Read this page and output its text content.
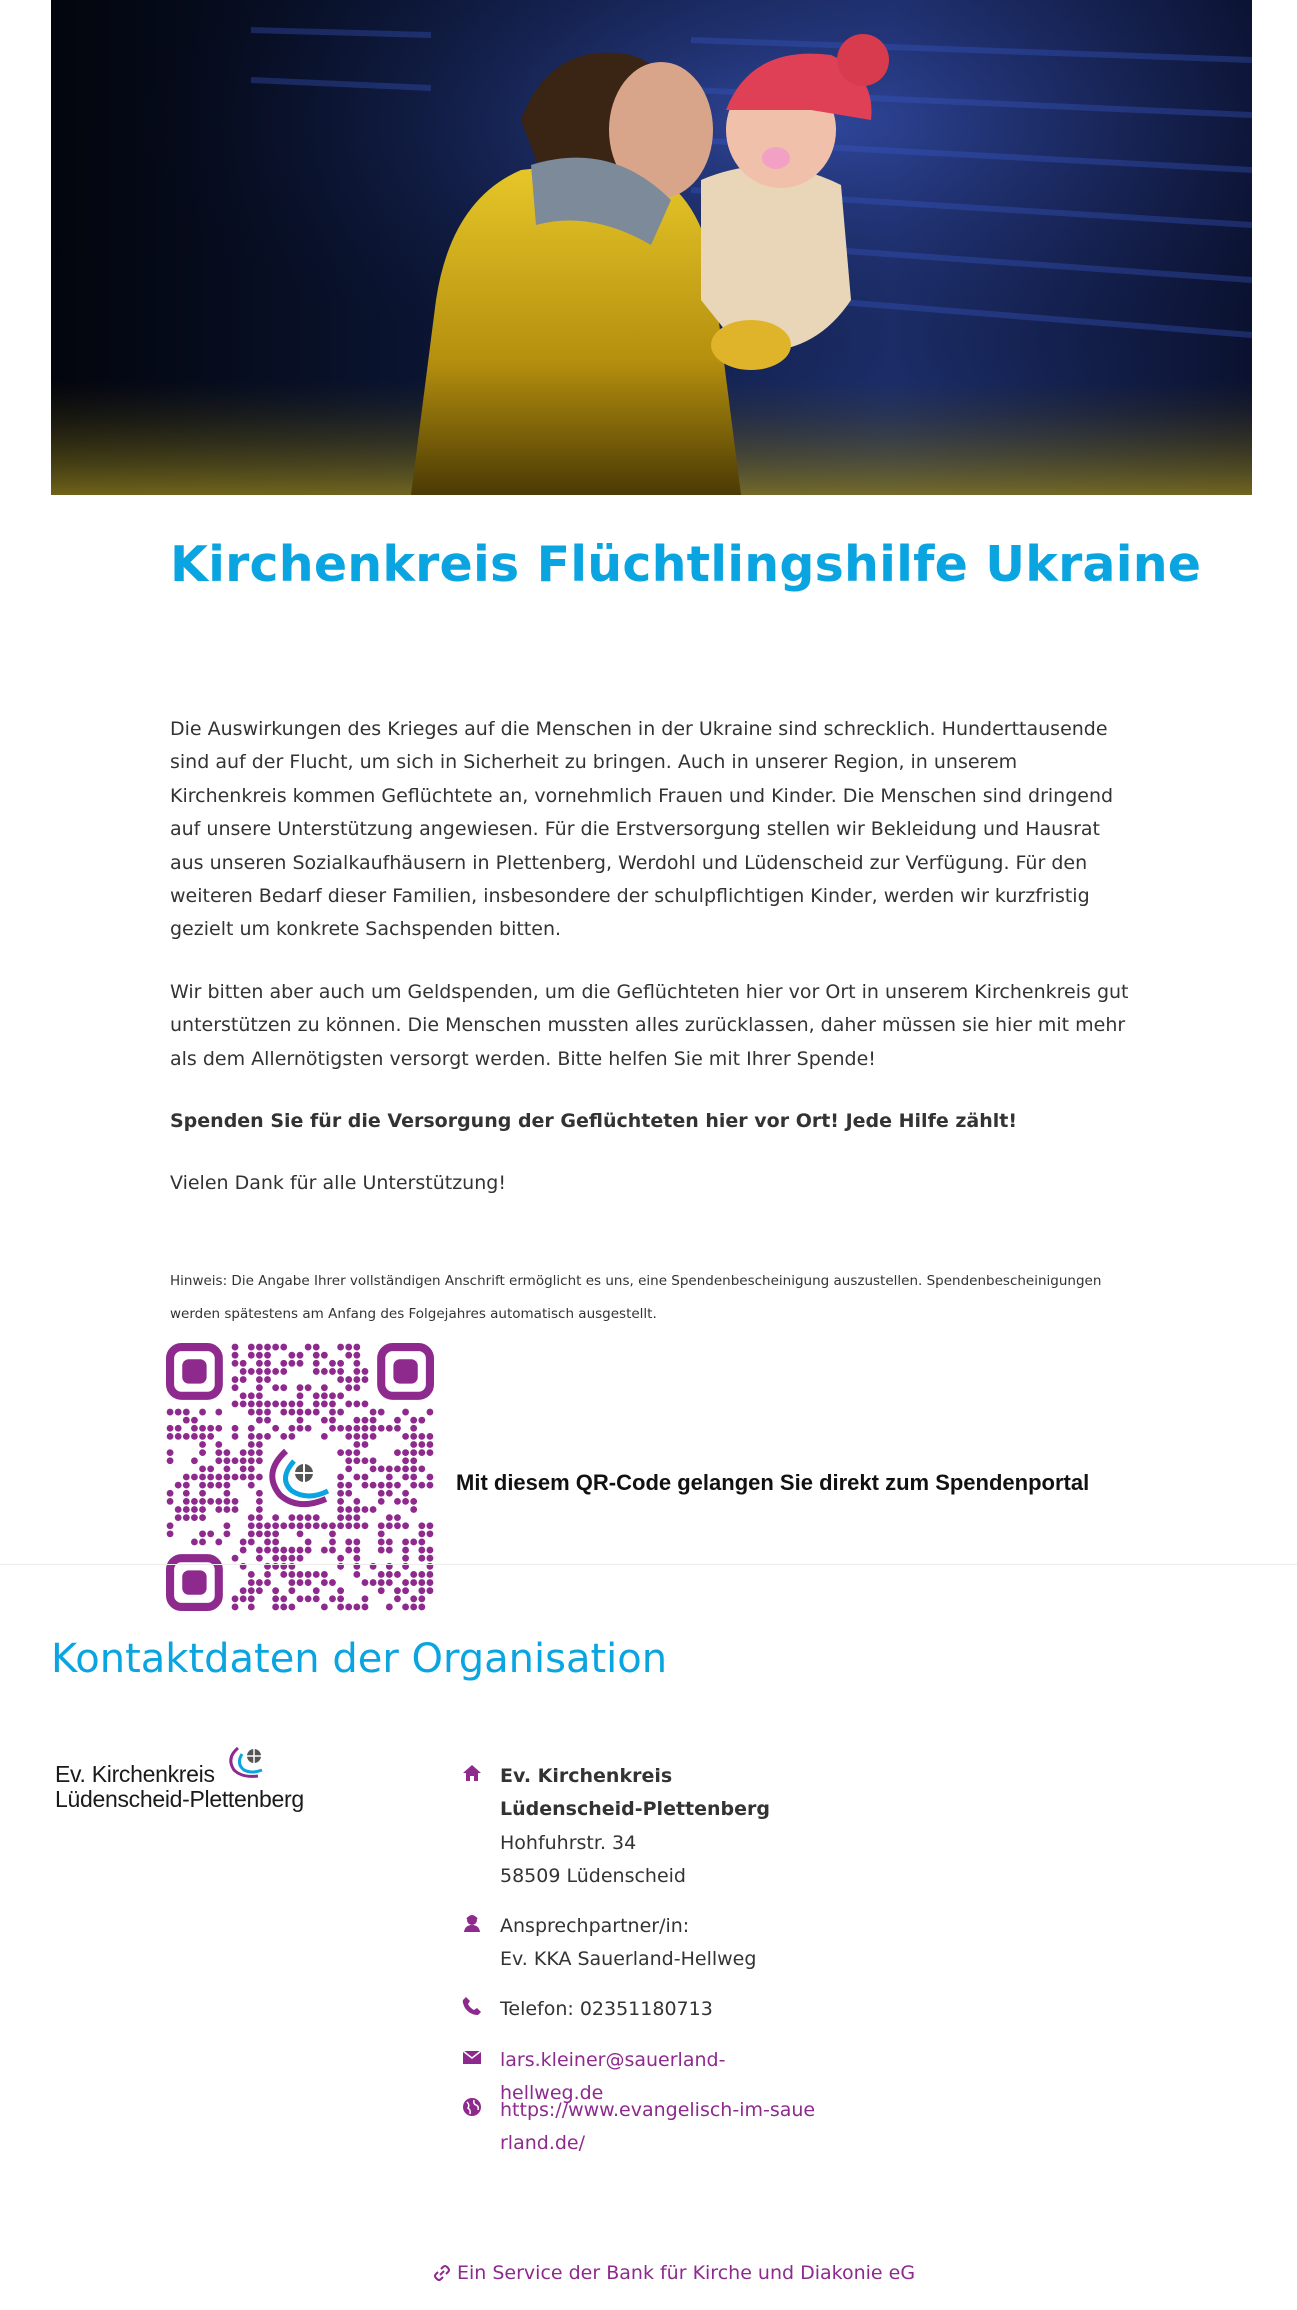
Kirchenkreis Flüchtlingshilfe Ukraine

Die Auswirkungen des Krieges auf die Menschen in der Ukraine sind schrecklich. Hunderttausende sind auf der Flucht, um sich in Sicherheit zu bringen. Auch in unserer Region, in unserem Kirchenkreis kommen Geflüchtete an, vornehmlich Frauen und Kinder. Die Menschen sind dringend auf unsere Unterstützung angewiesen. Für die Erstversorgung stellen wir Bekleidung und Hausrat aus unseren Sozialkaufhäusern in Plettenberg, Werdohl und Lüdenscheid zur Verfügung. Für den weiteren Bedarf dieser Familien, insbesondere der schulpflichtigen Kinder, werden wir kurzfristig gezielt um konkrete Sachspenden bitten.

Wir bitten aber auch um Geldspenden, um die Geflüchteten hier vor Ort in unserem Kirchenkreis gut unterstützen zu können. Die Menschen mussten alles zurücklassen, daher müssen sie hier mit mehr als dem Allernötigsten versorgt werden. Bitte helfen Sie mit Ihrer Spende!

Spenden Sie für die Versorgung der Geflüchteten hier vor Ort! Jede Hilfe zählt!

Vielen Dank für alle Unterstützung!

Hinweis: Die Angabe Ihrer vollständigen Anschrift ermöglicht es uns, eine Spendenbescheinigung auszustellen. Spendenbescheinigungen werden spätestens am Anfang des Folgejahres automatisch ausgestellt.

Mit diesem QR-Code gelangen Sie direkt zum Spendenportal

Kontaktdaten der Organisation
Ev. Kirchenkreis
Lüdenscheid-Plettenberg
Ev. Kirchenkreis Lüdenscheid-Plettenberg
Hohfuhrstr. 34
58509 Lüdenscheid
Ansprechpartner/in:
Ev. KKA Sauerland-Hellweg
Telefon: 02351180713
lars.kleiner@sauerland-hellweg.de
https://www.evangelisch-im-sauerland.de/
Ein Service der Bank für Kirche und Diakonie eG
